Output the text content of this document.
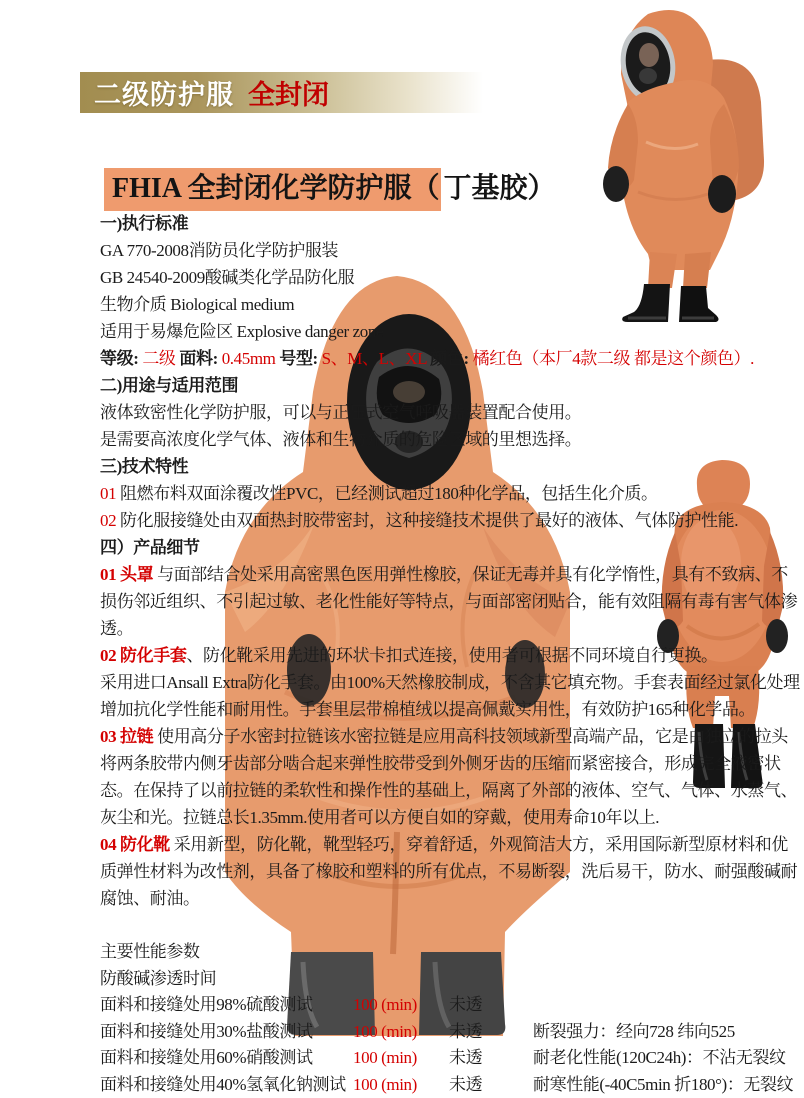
二级防护服 全封闭
FHIA 全封闭化学防护服（ 丁基胶）

一)执行标准

GA 770-2008消防员化学防护服装

GB 24540-2009酸碱类化学品防化服

生物介质 Biological medium

适用于易爆危险区 Explosive danger zone

等级: 二级 面料: 0.45mm 号型: S、M、L、XL 颜色: 橘红色（本厂4款二级 都是这个颜色）.

二)用途与适用范围

液体致密性化学防护服，可以与正压式空气呼吸器装置配合使用。

是需要高浓度化学气体、液体和生物介质的危险区域的里想选择。

三)技术特性

01 阻燃布料双面涂覆改性PVC，已经测试超过180种化学品，包括生化介质。

02 防化服接缝处由双面热封胶带密封，这种接缝技术提供了最好的液体、气体防护性能.

四）产品细节

01 头罩 与面部结合处采用高密黑色医用弹性橡胶，保证无毒并具有化学惰性，具有不致病、不损伤邻近组织、不引起过敏、老化性能好等特点，与面部密闭贴合，能有效阻隔有毒有害气体渗透。

02 防化手套、防化靴采用先进的环状卡扣式连接，使用者可根据不同环境自行更换。

采用进口Ansall Extra防化手套。由100%天然橡胶制成，不含其它填充物。手套表面经过氯化处理增加抗化学性能和耐用性。手套里层带棉植绒以提高佩戴实用性，有效防护165种化学品。

03 拉链 使用高分子水密封拉链该水密拉链是应用高科技领域新型高端产品，它是由独立的拉头将两条胶带内侧牙齿部分啮合起来弹性胶带受到外侧牙齿的压缩而紧密接合，形成完全液密状态。在保持了以前拉链的柔软性和操作性的基础上，隔离了外部的液体、空气、气体、水蒸气、灰尘和光。拉链总长1.35mm.使用者可以方便自如的穿戴，使用寿命10年以上.

04 防化靴 采用新型，防化靴，靴型轻巧，穿着舒适，外观简洁大方，采用国际新型原材料和优质弹性材料为改性剂，具备了橡胶和塑料的所有优点，不易断裂，洗后易干，防水、耐强酸碱耐腐蚀、耐油。

主要性能参数

防酸碱渗透时间

面料和接缝处用98%硫酸测试	100 (min)	未透
面料和接缝处用30%盐酸测试	100 (min)	未透	断裂强力：经向728 纬向525
面料和接缝处用60%硝酸测试	100 (min)	未透	耐老化性能(120C24h)：不沾无裂纹
面料和接缝处用40%氢氧化钠测试 100 (min)	未透	耐寒性能(-40C5min 折180°)：无裂纹
